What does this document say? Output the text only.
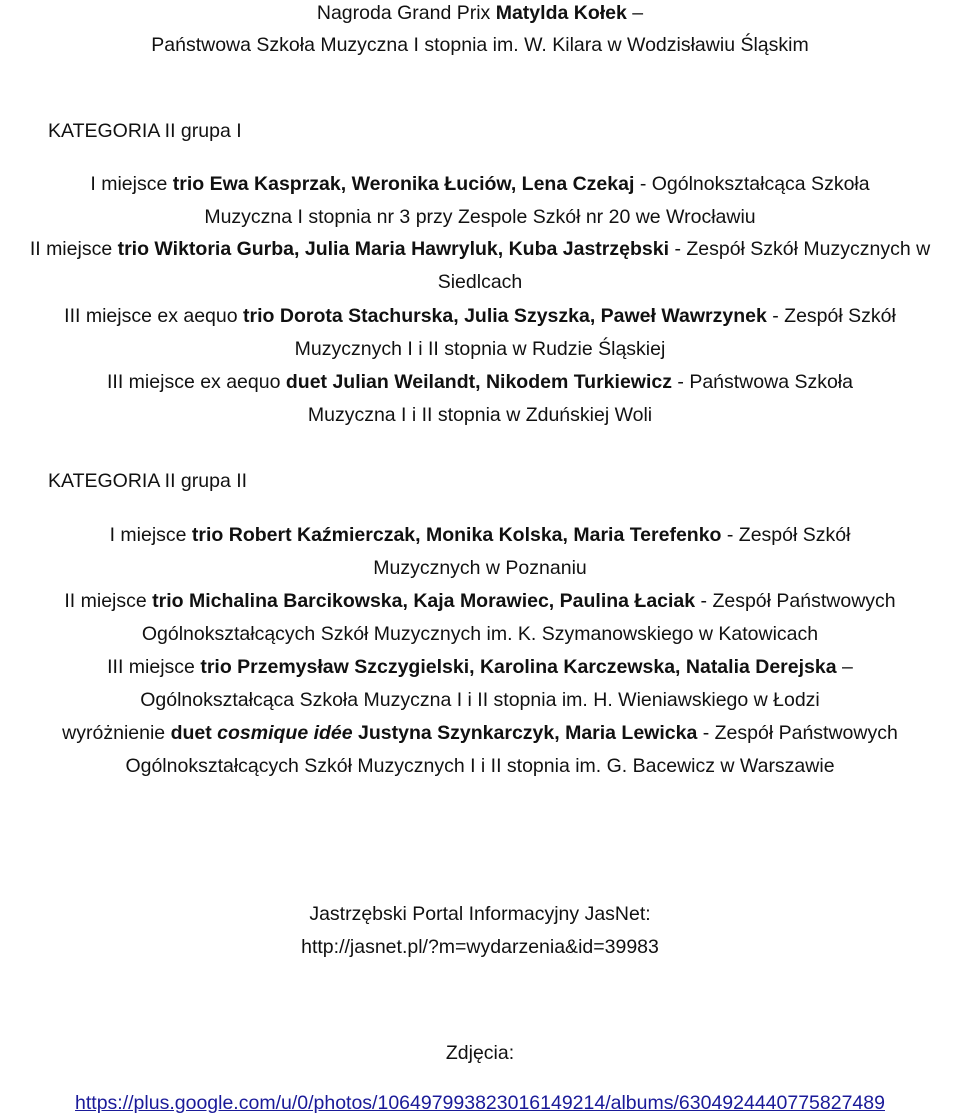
Nagroda Grand Prix Matylda Kołek –
Państwowa Szkoła Muzyczna I stopnia im. W. Kilara w Wodzisławiu Śląskim
KATEGORIA II grupa I
I miejsce trio Ewa Kasprzak, Weronika Łuciów, Lena Czekaj - Ogólnokształcąca Szkoła
Muzyczna I stopnia nr 3 przy Zespole Szkół nr 20 we Wrocławiu
II miejsce trio Wiktoria Gurba, Julia Maria Hawryluk, Kuba Jastrzębski - Zespół Szkół Muzycznych w
Siedlcach
III miejsce ex aequo trio Dorota Stachurska, Julia Szyszka, Paweł Wawrzynek - Zespół Szkół
Muzycznych I i II stopnia w Rudzie Śląskiej
III miejsce ex aequo duet Julian Weilandt, Nikodem Turkiewicz - Państwowa Szkoła
Muzyczna I i II stopnia w Zduńskiej Woli
KATEGORIA II grupa II
I miejsce trio Robert Kaźmierczak, Monika Kolska, Maria Terefenko - Zespół Szkół
Muzycznych w Poznaniu
II miejsce trio Michalina Barcikowska, Kaja Morawiec, Paulina Łaciak - Zespół Państwowych
Ogólnokształcących Szkół Muzycznych im. K. Szymanowskiego w Katowicach
III miejsce trio Przemysław Szczygielski, Karolina Karczewska, Natalia Derejska –
Ogólnokształcąca Szkoła Muzyczna I i II stopnia im. H. Wieniawskiego w Łodzi
wyróżnienie duet cosmique idée Justyna Szynkarczyk, Maria Lewicka - Zespół Państwowych
Ogólnokształcących Szkół Muzycznych I i II stopnia im. G. Bacewicz w Warszawie
Jastrzębski Portal Informacyjny JasNet:
http://jasnet.pl/?m=wydarzenia&id=39983
Zdjęcia:
https://plus.google.com/u/0/photos/106497993823016149214/albums/6304924440775827489
